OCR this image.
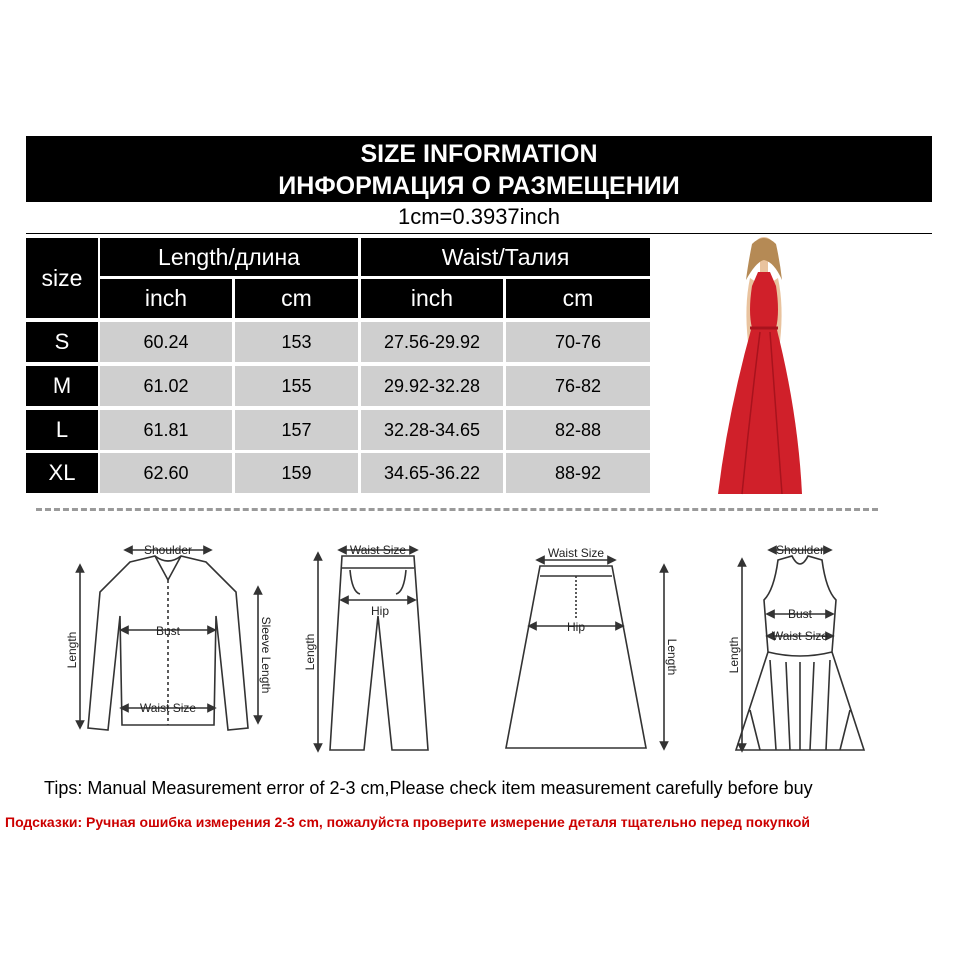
SIZE INFORMATION
ИНФОРМАЦИЯ О РАЗМЕЩЕНИИ
1cm=0.3937inch
size
Length/длина	Waist/Талия
inch	cm	inch	cm
S	60.24	153	27.56-29.92	70-76
M	61.02	155	29.92-32.28	76-82
L	61.81	157	32.28-34.65	82-88
XL	62.60	159	34.65-36.22	88-92
Shoulder
Bust
Waist Size
Length	Sleeve Length
Waist Size
Hip
Length
Waist Size
Hip
Length
Shoulder
Bust
Waist Size
Length
Tips: Manual Measurement error of 2-3 cm,Please check item measurement carefully before buy
Подсказки: Ручная ошибка измерения 2-3 cm, пожалуйста проверите измерение деталя тщательно перед покупкой
